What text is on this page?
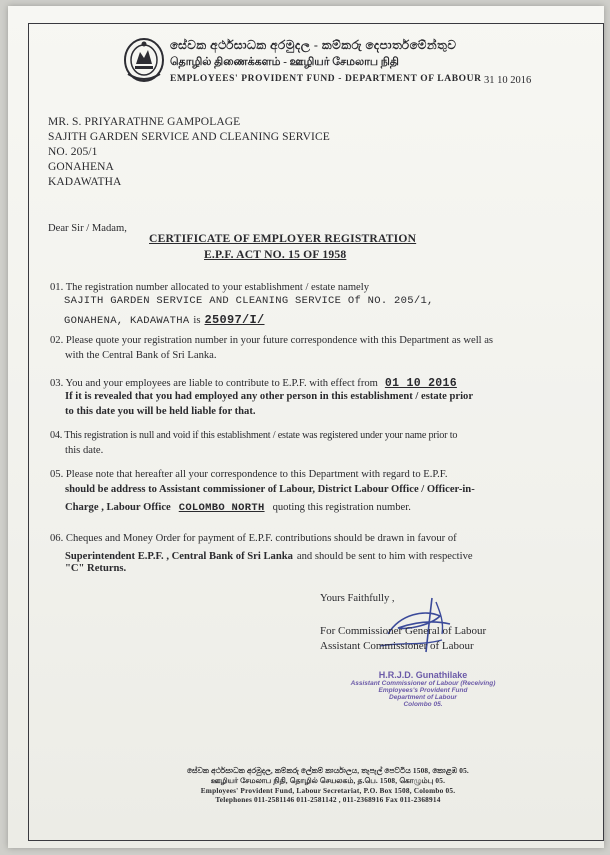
සේවක අර්ථසාධක අරමුදල - කම්කරු දෙපාර්තමේන්තුව
தொழில் திணைக்களம் - ஊழியர் சேமலாப நிதி
EMPLOYEES' PROVIDENT FUND - DEPARTMENT OF LABOUR 31 10 2016
MR. S. PRIYARATHNE GAMPOLAGE
SAJITH GARDEN SERVICE AND CLEANING SERVICE
NO. 205/1
GONAHENA
KADAWATHA
Dear Sir / Madam,
CERTIFICATE OF EMPLOYER REGISTRATION
E.P.F. ACT NO. 15 OF 1958
01. The registration number allocated to your establishment / estate namely
SAJITH GARDEN SERVICE AND CLEANING SERVICE Of NO. 205/1,
GONAHENA, KADAWATHA is 25097/I/
02. Please quote your registration number in your future correspondence with this Department as well as
with the Central Bank of Sri Lanka.
03. You and your employees are liable to contribute to E.P.F. with effect from 01 10 2016
If it is revealed that you had employed any other person in this establishment / estate prior
to this date you will be held liable for that.
04. This registration is null and void if this establishment / estate was registered under your name prior to
this date.
05. Please note that hereafter all your correspondence to this Department with regard to E.P.F.
should be address to Assistant commissioner of Labour, District Labour Office / Officer-in-
Charge , Labour Office COLOMBO NORTH quoting this registration number.
06. Cheques and Money Order for payment of E.P.F. contributions should be drawn in favour of
Superintendent E.P.F. , Central Bank of Sri Lanka and should be sent to him with respective
"C" Returns.
Yours Faithfully ,
For Commissioner General of Labour
Assistant Commissioner of Labour
H.R.J.D. Gunathilake
Assistant Commissioner of Labour (Receiving)
Employees's Provident Fund
Department of Labour
Colombo 05.
සේවක අර්ථසාධක අරමුදල, කම්කරු ලේකම් කාර්යාලය, තැපැල් පෙට්ටිය 1508, කොළඹ 05.
ஊழியர் சேமலாப நிதி, தொழில் செயலகம், த.பெ. 1508, கொழும்பு 05.
Employees' Provident Fund, Labour Secretariat, P.O. Box 1508, Colombo 05.
Telephones 011-2581146 011-2581142 , 011-2368916 Fax 011-2368914
